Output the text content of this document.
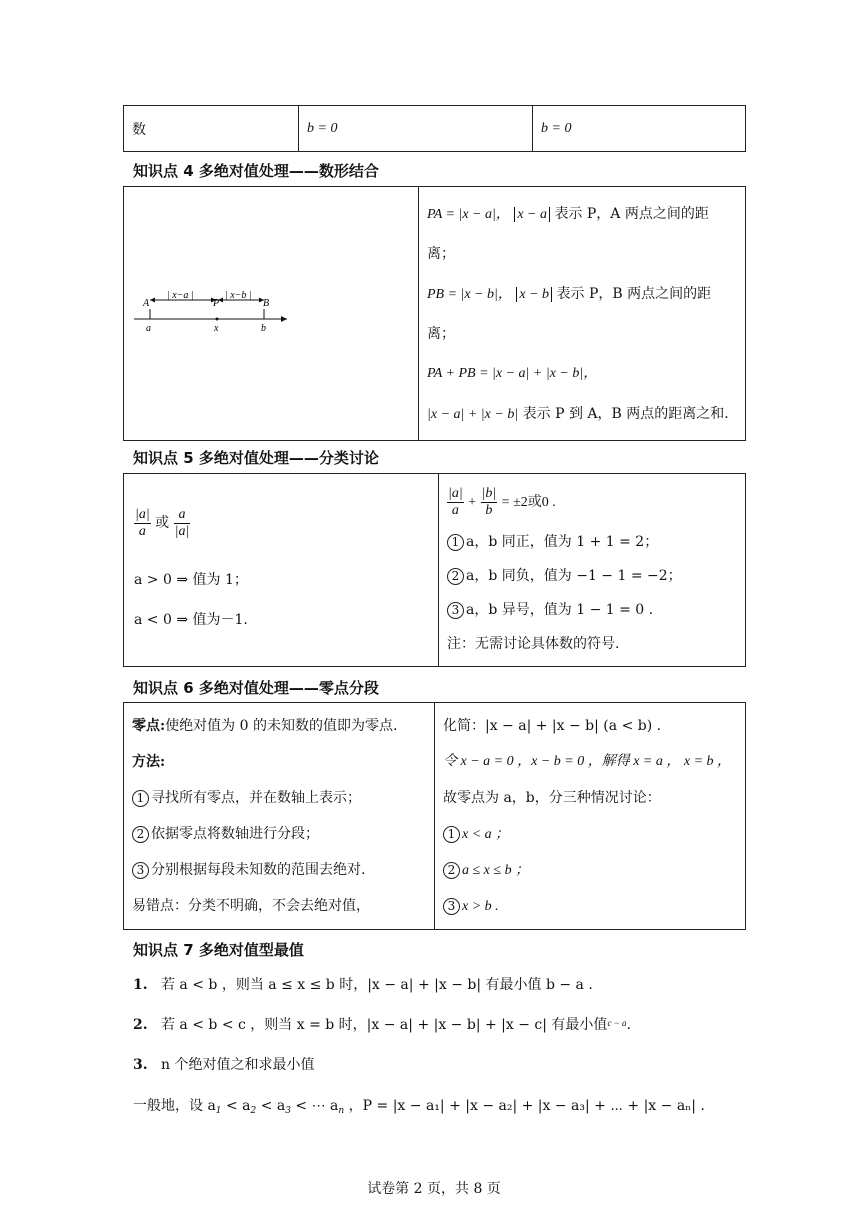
数	b = 0	b = 0
知识点 4 多绝对值处理——数形结合
A	P	B
| x−a |	| x−b |
a	x	b

PA = |x − a|， x − a 表示 P，A 两点之间的距
离；
PB = |x − b|， x − b 表示 P，B 两点之间的距
离；
PA + PB = |x − a| + |x − b|，
|x − a| + |x − b| 表示 P 到 A，B 两点的距离之和.
知识点 5 多绝对值处理——分类讨论
$\frac{|a|}{a}$ 或 $\frac{a}{|a|}$
a > 0 ⇒ 值为 1；
a < 0 ⇒ 值为－1.

$\frac{|a|}{a} + \frac{|b|}{b} = \pm 2$或0 .
1 a，b 同正，值为 1 + 1 = 2；
2 a，b 同负，值为 −1 − 1 = −2；
3 a，b 异号，值为 1 − 1 = 0 .
注：无需讨论具体数的符号.
知识点 6 多绝对值处理——零点分段
零点:使绝对值为 0 的未知数的值即为零点.
方法:
1 寻找所有零点，并在数轴上表示；
2 依据零点将数轴进行分段；
3 分别根据每段未知数的范围去绝对.
易错点：分类不明确，不会去绝对值，

化简：|x − a| + |x − b| (a < b) .
令 x − a = 0 ，x − b = 0 ，解得 x = a ， x = b ，
故零点为 a，b，分三种情况讨论：
1 x < a ；
2 a ≤ x ≤ b ；
3 x > b .
知识点 7 多绝对值型最值
1. 若 a < b ，则当 a ≤ x ≤ b 时，|x − a| + |x − b| 有最小值 b − a .
2. 若 a < b < c ，则当 x = b 时，|x − a| + |x − b| + |x − c| 有最小值$^{c - a}$.
3. n 个绝对值之和求最小值
一般地，设 $a_1 < a_2 < a_3$ < ⋯ $a_n$ ，P = |x − a₁| + |x − a₂| + |x − a₃| + ⋯ + |x − aₙ| .
试卷第 2 页，共 8 页
